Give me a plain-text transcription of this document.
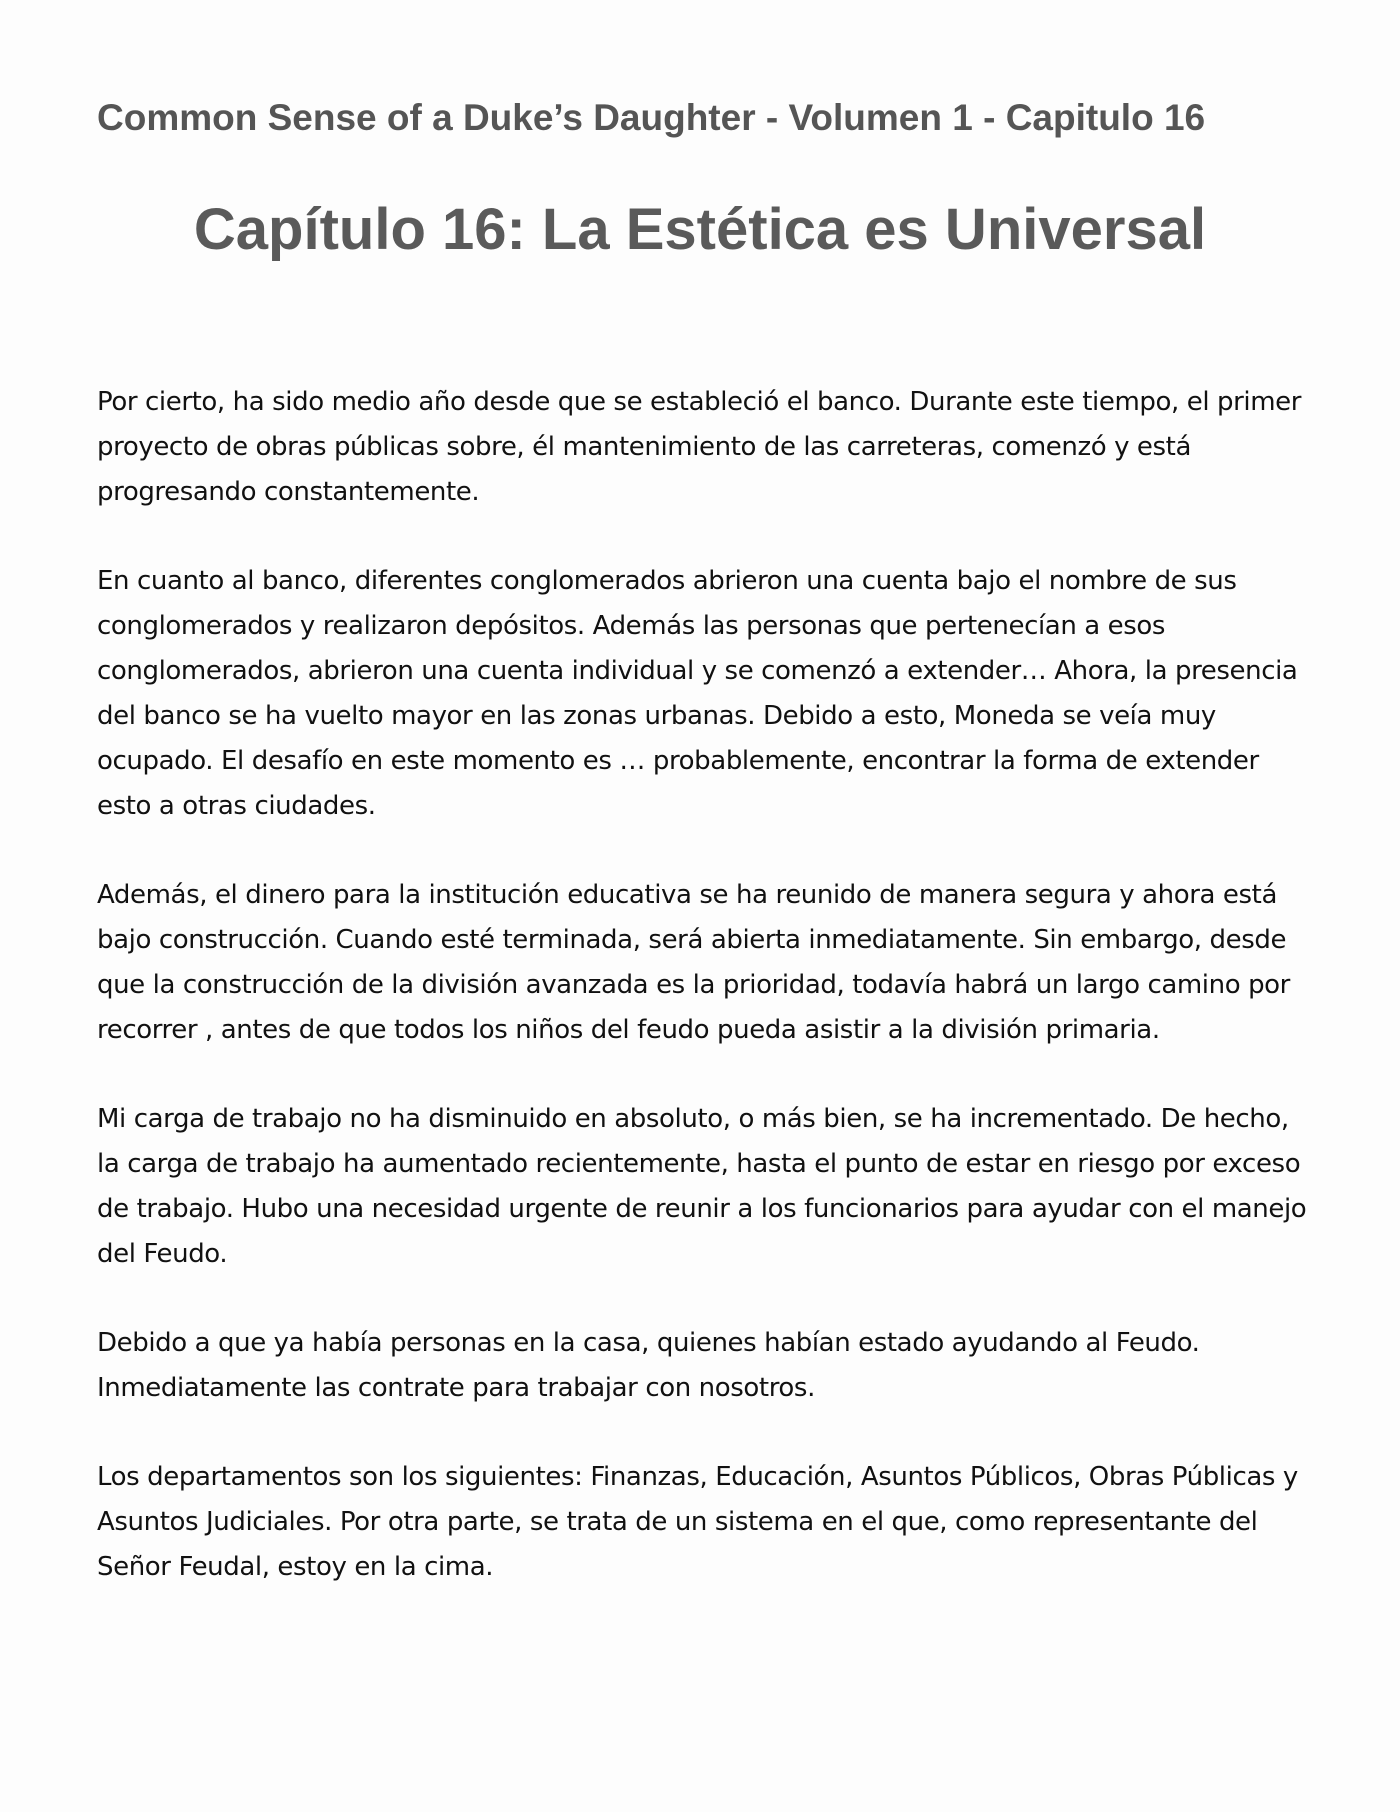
Common Sense of a Duke’s Daughter - Volumen 1 - Capitulo 16
Capítulo 16: La Estética es Universal

Por cierto, ha sido medio año desde que se estableció el banco. Durante este tiempo, el primer proyecto de obras públicas sobre, él mantenimiento de las carreteras, comenzó y está progresando constantemente.

En cuanto al banco, diferentes conglomerados abrieron una cuenta bajo el nombre de sus conglomerados y realizaron depósitos. Además las personas que pertenecían a esos conglomerados, abrieron una cuenta individual y se comenzó a extender… Ahora, la presencia del banco se ha vuelto mayor en las zonas urbanas. Debido a esto, Moneda se veía muy ocupado. El desafío en este momento es … probablemente, encontrar la forma de extender esto a otras ciudades.

Además, el dinero para la institución educativa se ha reunido de manera segura y ahora está bajo construcción. Cuando esté terminada, será abierta inmediatamente. Sin embargo, desde que la construcción de la división avanzada es la prioridad, todavía habrá un largo camino por recorrer , antes de que todos los niños del feudo pueda asistir a la división primaria.

Mi carga de trabajo no ha disminuido en absoluto, o más bien, se ha incrementado. De hecho, la carga de trabajo ha aumentado recientemente, hasta el punto de estar en riesgo por exceso de trabajo. Hubo una necesidad urgente de reunir a los funcionarios para ayudar con el manejo del Feudo.

Debido a que ya había personas en la casa, quienes habían estado ayudando al Feudo. Inmediatamente las contrate para trabajar con nosotros.

Los departamentos son los siguientes: Finanzas, Educación, Asuntos Públicos, Obras Públicas y Asuntos Judiciales. Por otra parte, se trata de un sistema en el que, como representante del Señor Feudal, estoy en la cima.
